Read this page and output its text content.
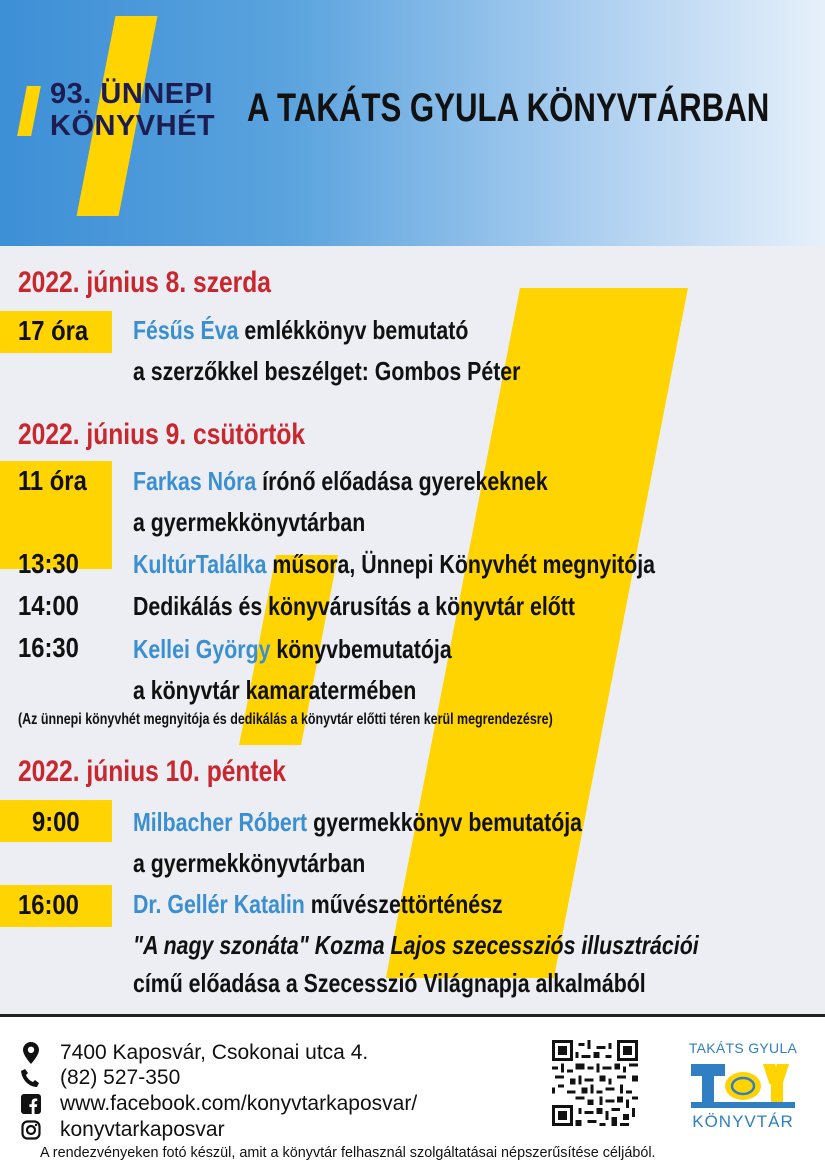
93. ÜNNEPI
KÖNYVHÉT A TAKÁTS GYULA KÖNYVTÁRBAN
2022. június 8. szerda
17 óra Fésűs Éva emlékkönyv bemutató
a szerzőkkel beszélget: Gombos Péter
2022. június 9. csütörtök
11 óra Farkas Nóra írónő előadása gyerekeknek
a gyermekkönyvtárban
13:30 KultúrTalálka műsora, Ünnepi Könyvhét megnyitója
14:00 Dedikálás és könyvárusítás a könyvtár előtt
16:30 Kellei György könyvbemutatója
a könyvtár kamaratermében
(Az ünnepi könyvhét megnyitója és dedikálás a könyvtár előtti téren kerül megrendezésre)
2022. június 10. péntek
9:00 Milbacher Róbert gyermekkönyv bemutatója
a gyermekkönyvtárban
16:00 Dr. Gellér Katalin művészettörténész
"A nagy szonáta" Kozma Lajos szecessziós illusztrációi
című előadása a Szecesszió Világnapja alkalmából
7400 Kaposvár, Csokonai utca 4.
(82) 527-350
www.facebook.com/konyvtarkaposvar/
konyvtarkaposvar
TAKÁTS GYULA
KÖNYVTÁR
A rendezvényeken fotó készül, amit a könyvtár felhasznál szolgáltatásai népszerűsítése céljából.
